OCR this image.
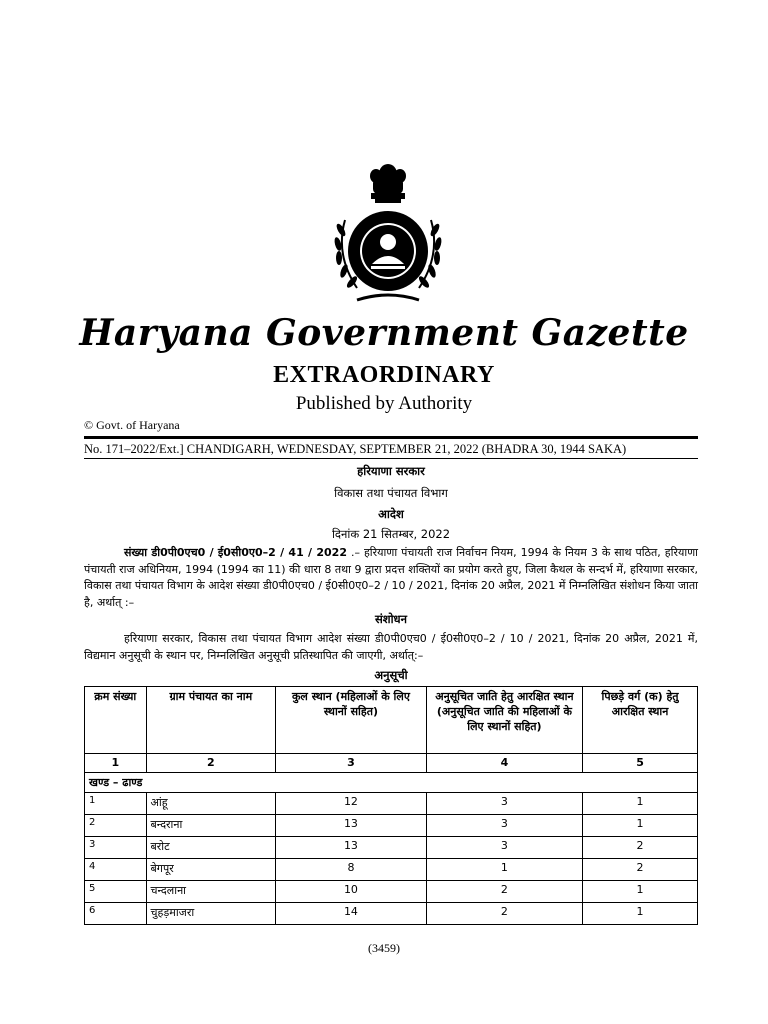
Haryana Government Gazette
EXTRAORDINARY
Published by Authority
© Govt. of Haryana
No. 171–2022/Ext.] CHANDIGARH, WEDNESDAY, SEPTEMBER 21, 2022 (BHADRA 30, 1944 SAKA)
हरियाणा सरकार
विकास तथा पंचायत विभाग
आदेश
दिनांक 21 सितम्बर, 2022

संख्या डी0पी0एच0 / ई0सी0ए0–2 / 41 / 2022 .– हरियाणा पंचायती राज निर्वाचन नियम, 1994 के नियम 3 के साथ पठित, हरियाणा पंचायती राज अधिनियम, 1994 (1994 का 11) की धारा 8 तथा 9 द्वारा प्रदत्त शक्तियों का प्रयोग करते हुए, जिला कैथल के सन्दर्भ में, हरियाणा सरकार, विकास तथा पंचायत विभाग के आदेश संख्या डी0पी0एच0 / ई0सी0ए0–2 / 10 / 2021, दिनांक 20 अप्रैल, 2021 में निम्नलिखित संशोधन किया जाता है, अर्थात् :–

संशोधन

हरियाणा सरकार, विकास तथा पंचायत विभाग आदेश संख्या डी0पी0एच0 / ई0सी0ए0–2 / 10 / 2021, दिनांक 20 अप्रैल, 2021 में, विद्यमान अनुसूची के स्थान पर, निम्नलिखित अनुसूची प्रतिस्थापित की जाएगी, अर्थात्:–

अनुसूची
क्रम संख्या	ग्राम पंचायत का नाम	कुल स्थान (महिलाओं के लिए स्थानों सहित)	अनुसूचित जाति हेतु आरक्षित स्थान (अनुसूचित जाति की महिलाओं के लिए स्थानों सहित)	पिछड़े वर्ग (क) हेतु आरक्षित स्थान
1	2	3	4	5
खण्ड – ढाण्ड				
1	आंहू	12	3	1
2	बन्दराना	13	3	1
3	बरोट	13	3	2
4	बेगपूर	8	1	2
5	चन्दलाना	10	2	1
6	चुहड़माजरा	14	2	1
(3459)
